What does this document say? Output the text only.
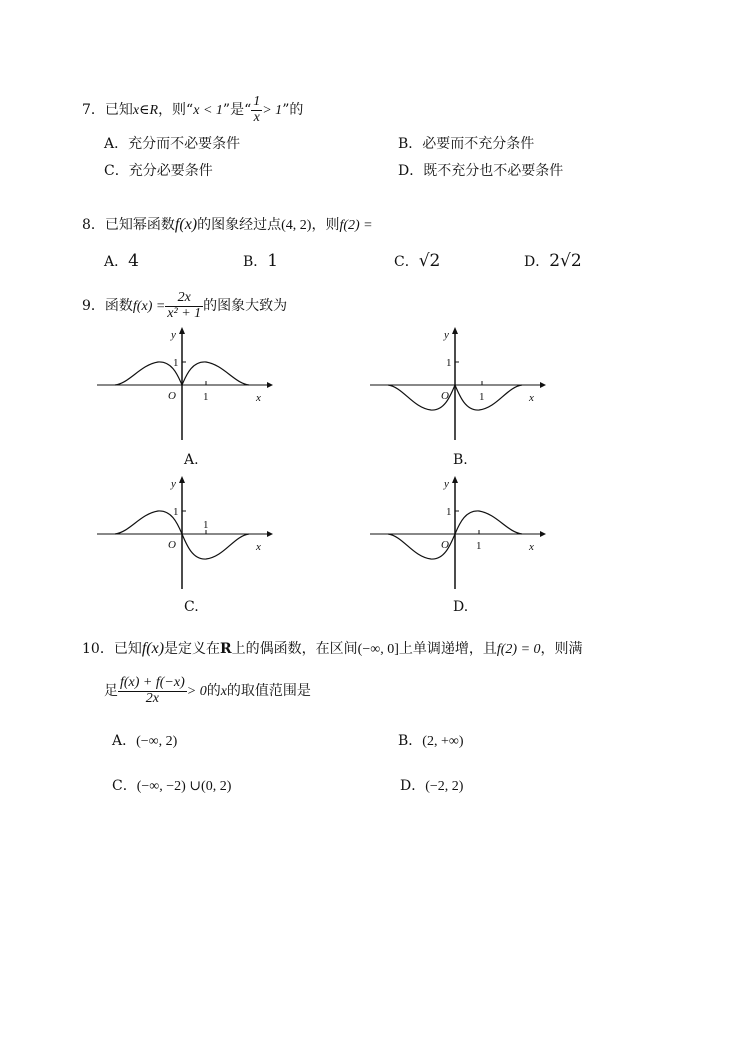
7．已知x∈R，则“x < 1”是“ $\frac{1}{x} > 1$”的
A．充分而不必要条件	B．必要而不充分条件
C．充分必要条件	D．既不充分也不必要条件
8．已知幂函数f(x)的图象经过点(4, 2)，则f(2) =
A．4	B．1	C．√2	D．2√2
9．函数$f(x) = \frac{2x}{\text{x² + 1}}$ 的图象大致为
y
1
O 1	x
A.
y
1
O	1	x
B.
y
1
O
1
x
C.
y
1
O 1	x
D.
10．已知f(x)是定义在R上的偶函数，在区间(−∞, 0]上单调递增，且f(2) = 0，则满
足 $\frac{f(x) + f(-x)}{2x} > 0$的x的取值范围是
A．(−∞, 2)	B．(2, +∞)
C．(−∞, −2) ∪(0, 2)	D．(−2, 2)
